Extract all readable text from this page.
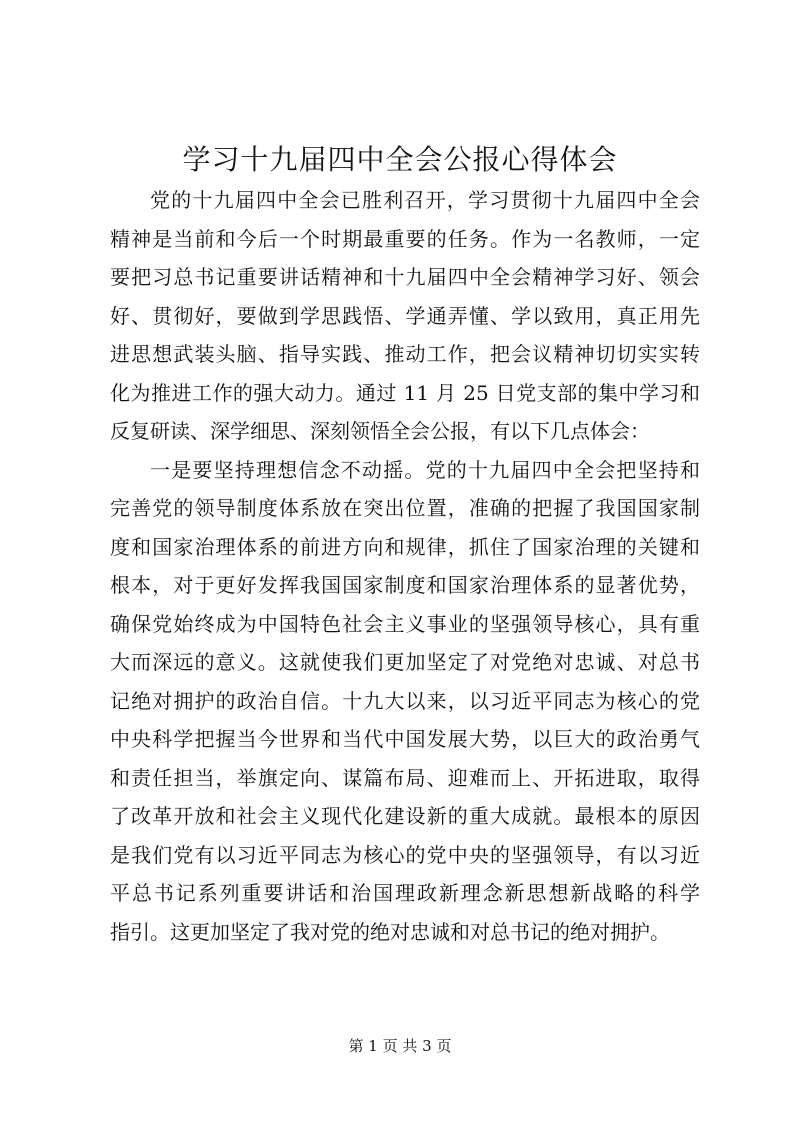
学习十九届四中全会公报心得体会
党的十九届四中全会已胜利召开，学习贯彻十九届四中全会
精神是当前和今后一个时期最重要的任务。作为一名教师，一定
要把习总书记重要讲话精神和十九届四中全会精神学习好、领会
好、贯彻好，要做到学思践悟、学通弄懂、学以致用，真正用先
进思想武装头脑、指导实践、推动工作，把会议精神切切实实转
化为推进工作的强大动力。通过 11 月 25 日党支部的集中学习和
反复研读、深学细思、深刻领悟全会公报，有以下几点体会：
一是要坚持理想信念不动摇。党的十九届四中全会把坚持和
完善党的领导制度体系放在突出位置，准确的把握了我国国家制
度和国家治理体系的前进方向和规律，抓住了国家治理的关键和
根本，对于更好发挥我国国家制度和国家治理体系的显著优势，
确保党始终成为中国特色社会主义事业的坚强领导核心，具有重
大而深远的意义。这就使我们更加坚定了对党绝对忠诚、对总书
记绝对拥护的政治自信。十九大以来，以习近平同志为核心的党
中央科学把握当今世界和当代中国发展大势，以巨大的政治勇气
和责任担当，举旗定向、谋篇布局、迎难而上、开拓进取，取得
了改革开放和社会主义现代化建设新的重大成就。最根本的原因
是我们党有以习近平同志为核心的党中央的坚强领导，有以习近
平总书记系列重要讲话和治国理政新理念新思想新战略的科学
指引。这更加坚定了我对党的绝对忠诚和对总书记的绝对拥护。
第 1 页 共 3 页
